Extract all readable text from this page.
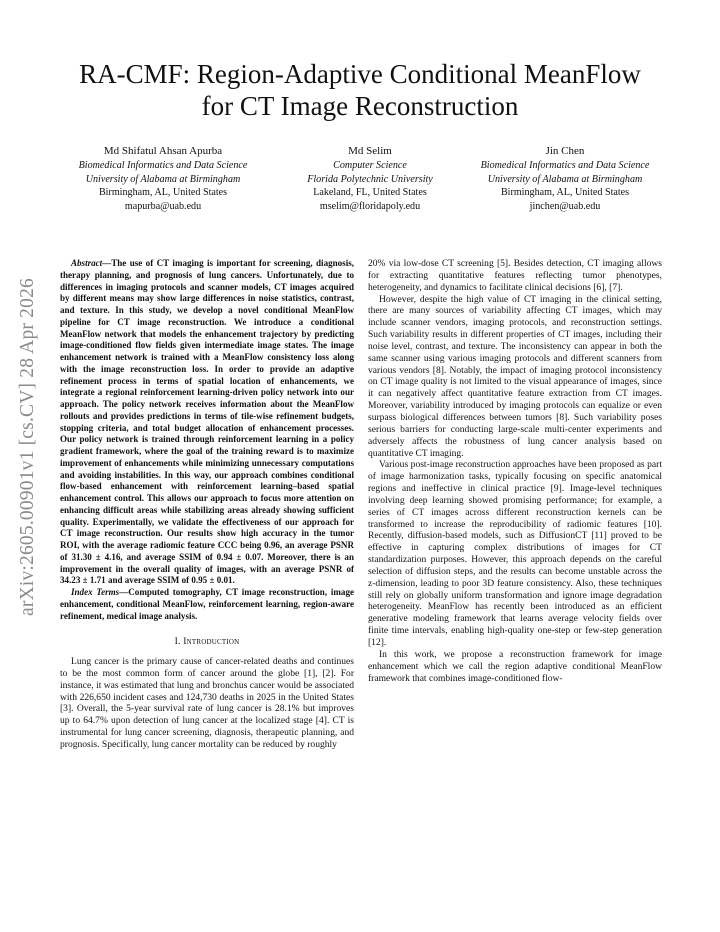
arXiv:2605.00901v1 [cs.CV] 28 Apr 2026
RA-CMF: Region-Adaptive Conditional MeanFlow
for CT Image Reconstruction
Md Shifatul Ahsan Apurba
Biomedical Informatics and Data Science
University of Alabama at Birmingham
Birmingham, AL, United States
mapurba@uab.edu
Md Selim
Computer Science
Florida Polytechnic University
Lakeland, FL, United States
mselim@floridapoly.edu
Jin Chen
Biomedical Informatics and Data Science
University of Alabama at Birmingham
Birmingham, AL, United States
jinchen@uab.edu

Abstract—The use of CT imaging is important for screening, diagnosis, therapy planning, and prognosis of lung cancers. Unfortunately, due to differences in imaging protocols and scanner models, CT images acquired by different means may show large differences in noise statistics, contrast, and texture. In this study, we develop a novel conditional MeanFlow pipeline for CT image reconstruction. We introduce a conditional MeanFlow network that models the enhancement trajectory by predicting image-conditioned flow fields given intermediate image states. The image enhancement network is trained with a MeanFlow consistency loss along with the image reconstruction loss. In order to provide an adaptive refinement process in terms of spatial location of enhancements, we integrate a regional reinforcement learning-driven policy network into our approach. The policy network receives information about the MeanFlow rollouts and provides predictions in terms of tile-wise refinement budgets, stopping criteria, and total budget allocation of enhancement processes. Our policy network is trained through reinforcement learning in a policy gradient framework, where the goal of the training reward is to maximize improvement of enhancements while minimizing unnecessary computations and avoiding instabilities. In this way, our approach combines conditional flow-based enhancement with reinforcement learning–based spatial enhancement control. This allows our approach to focus more attention on enhancing difficult areas while stabilizing areas already showing sufficient quality. Experimentally, we validate the effectiveness of our approach for CT image reconstruction. Our results show high accuracy in the tumor ROI, with the average radiomic feature CCC being 0.96, an average PSNR of 31.30 ± 4.16, and average SSIM of 0.94 ± 0.07. Moreover, there is an improvement in the overall quality of images, with an average PSNR of 34.23 ± 1.71 and average SSIM of 0.95 ± 0.01.

Index Terms—Computed tomography, CT image reconstruction, image enhancement, conditional MeanFlow, reinforcement learning, region-aware refinement, medical image analysis.

I. Introduction

Lung cancer is the primary cause of cancer-related deaths and continues to be the most common form of cancer around the globe [1], [2]. For instance, it was estimated that lung and bronchus cancer would be associated with 226,650 incident cases and 124,730 deaths in 2025 in the United States [3]. Overall, the 5-year survival rate of lung cancer is 28.1% but improves up to 64.7% upon detection of lung cancer at the localized stage [4]. CT is instrumental for lung cancer screening, diagnosis, therapeutic planning, and prognosis. Specifically, lung cancer mortality can be reduced by roughly

20% via low-dose CT screening [5]. Besides detection, CT imaging allows for extracting quantitative features reflecting tumor phenotypes, heterogeneity, and dynamics to facilitate clinical decisions [6], [7].

However, despite the high value of CT imaging in the clinical setting, there are many sources of variability affecting CT images, which may include scanner vendors, imaging protocols, and reconstruction settings. Such variability results in different properties of CT images, including their noise level, contrast, and texture. The inconsistency can appear in both the same scanner using various imaging protocols and different scanners from various vendors [8]. Notably, the impact of imaging protocol inconsistency on CT image quality is not limited to the visual appearance of images, since it can negatively affect quantitative feature extraction from CT images. Moreover, variability introduced by imaging protocols can equalize or even surpass biological differences between tumors [8]. Such variability poses serious barriers for conducting large-scale multi-center experiments and adversely affects the robustness of lung cancer analysis based on quantitative CT imaging.

Various post-image reconstruction approaches have been proposed as part of image harmonization tasks, typically focusing on specific anatomical regions and ineffective in clinical practice [9]. Image-level techniques involving deep learning showed promising performance; for example, a series of CT images across different reconstruction kernels can be transformed to increase the reproducibility of radiomic features [10]. Recently, diffusion-based models, such as DiffusionCT [11] proved to be effective in capturing complex distributions of images for CT standardization purposes. However, this approach depends on the careful selection of diffusion steps, and the results can become unstable across the z-dimension, leading to poor 3D feature consistency. Also, these techniques still rely on globally uniform transformation and ignore image degradation heterogeneity. MeanFlow has recently been introduced as an efficient generative modeling framework that learns average velocity fields over finite time intervals, enabling high-quality one-step or few-step generation [12].

In this work, we propose a reconstruction framework for image enhancement which we call the region adaptive conditional MeanFlow framework that combines image-conditioned flow-
